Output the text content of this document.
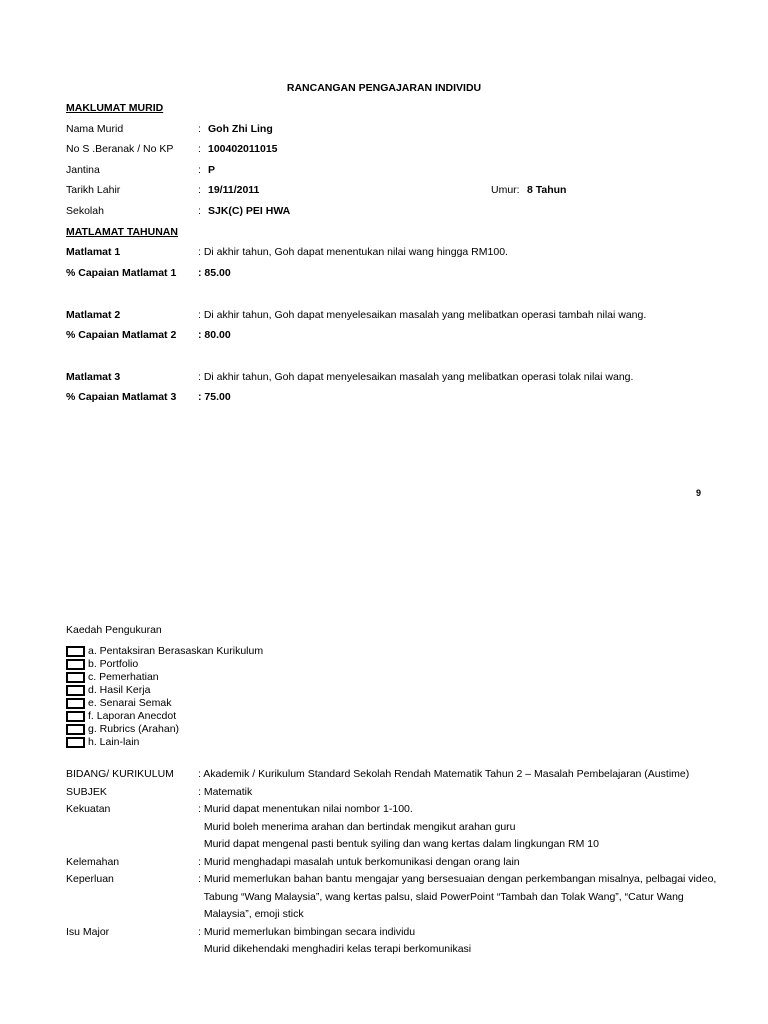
RANCANGAN PENGAJARAN INDIVIDU
MAKLUMAT MURID
Nama Murid	: Goh Zhi Ling
No S .Beranak / No KP : 100402011015
Jantina	: P
Tarikh Lahir	: 19/11/2011	Umur: 8 Tahun
Sekolah	: SJK(C) PEI HWA
MATLAMAT TAHUNAN
Matlamat 1	: Di akhir tahun, Goh dapat menentukan nilai wang hingga RM100.
% Capaian Matlamat 1 : 85.00
Matlamat 2	: Di akhir tahun, Goh dapat menyelesaikan masalah yang melibatkan operasi tambah nilai wang.
% Capaian Matlamat 2 : 80.00
Matlamat 3	: Di akhir tahun, Goh dapat menyelesaikan masalah yang melibatkan operasi tolak nilai wang.
% Capaian Matlamat 3 : 75.00
9
Kaedah Pengukuran
a. Pentaksiran Berasaskan Kurikulum
b. Portfolio
c. Pemerhatian
d. Hasil Kerja
e. Senarai Semak
f. Laporan Anecdot
g. Rubrics (Arahan)
h. Lain-lain
BIDANG/ KURIKULUM : Akademik / Kurikulum Standard Sekolah Rendah Matematik Tahun 2 – Masalah Pembelajaran (Austime)
SUBJEK	: Matematik
Kekuatan	: Murid dapat menentukan nilai nombor 1-100.
Murid boleh menerima arahan dan bertindak mengikut arahan guru
Murid dapat mengenal pasti bentuk syiling dan wang kertas dalam lingkungan RM 10
Kelemahan	: Murid menghadapi masalah untuk berkomunikasi dengan orang lain
Keperluan	: Murid memerlukan bahan bantu mengajar yang bersesuaian dengan perkembangan misalnya, pelbagai video,
Tabung “Wang Malaysia”, wang kertas palsu, slaid PowerPoint “Tambah dan Tolak Wang”, “Catur Wang
Malaysia”, emoji stick
Isu Major	: Murid memerlukan bimbingan secara individu
Murid dikehendaki menghadiri kelas terapi berkomunikasi
